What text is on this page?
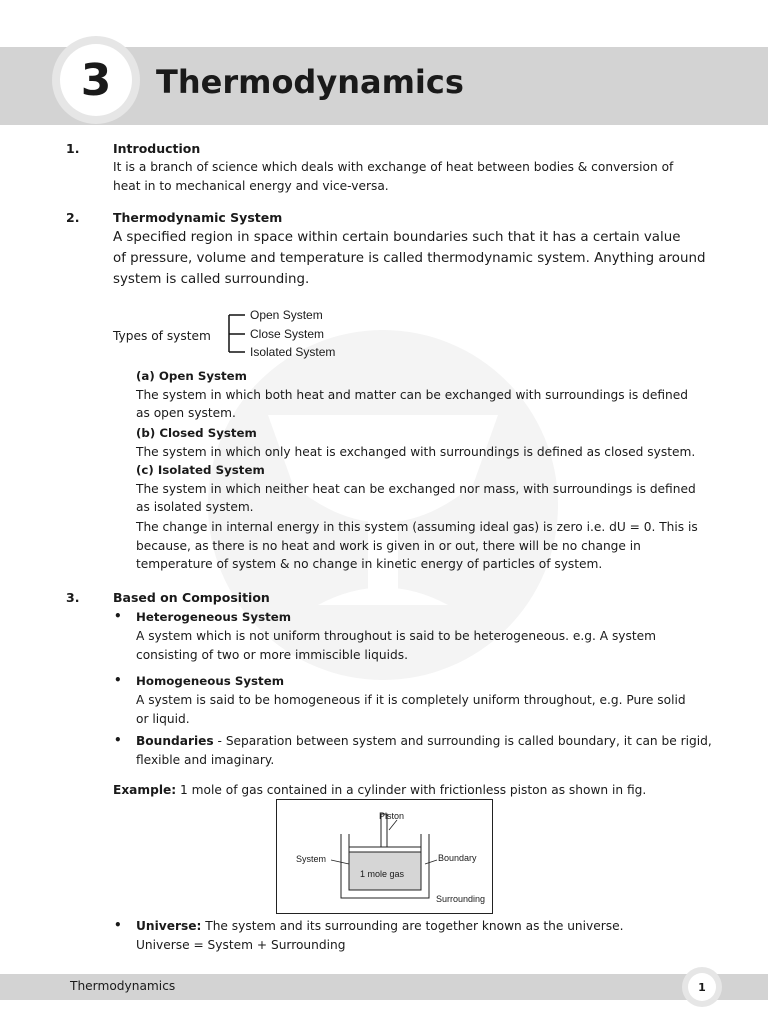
3	Thermodynamics
1.	Introduction
It is a branch of science which deals with exchange of heat between bodies & conversion of
heat in to mechanical energy and vice-versa.
2.	Thermodynamic System
A specified region in space within certain boundaries such that it has a certain value
of pressure, volume and temperature is called thermodynamic system. Anything around
system is called surrounding.
Types of system
Open System
Close System
Isolated System
(a) Open System
The system in which both heat and matter can be exchanged with surroundings is defined
as open system.
(b) Closed System
The system in which only heat is exchanged with surroundings is defined as closed system.
(c) Isolated System
The system in which neither heat can be exchanged nor mass, with surroundings is defined
as isolated system.
The change in internal energy in this system (assuming ideal gas) is zero i.e. dU = 0. This is
because, as there is no heat and work is given in or out, there will be no change in
temperature of system & no change in kinetic energy of particles of system.
3.	Based on Composition
• Heterogeneous System
A system which is not uniform throughout is said to be heterogeneous. e.g. A system
consisting of two or more immiscible liquids.
• Homogeneous System
A system is said to be homogeneous if it is completely uniform throughout, e.g. Pure solid
or liquid.
• Boundaries - Separation between system and surrounding is called boundary, it can be rigid,
flexible and imaginary.
Example: 1 mole of gas contained in a cylinder with frictionless piston as shown in fig.
Piston
System
1 mole gas
Boundary
Surrounding
• Universe: The system and its surrounding are together known as the universe.
Universe = System + Surrounding
Thermodynamics	1
